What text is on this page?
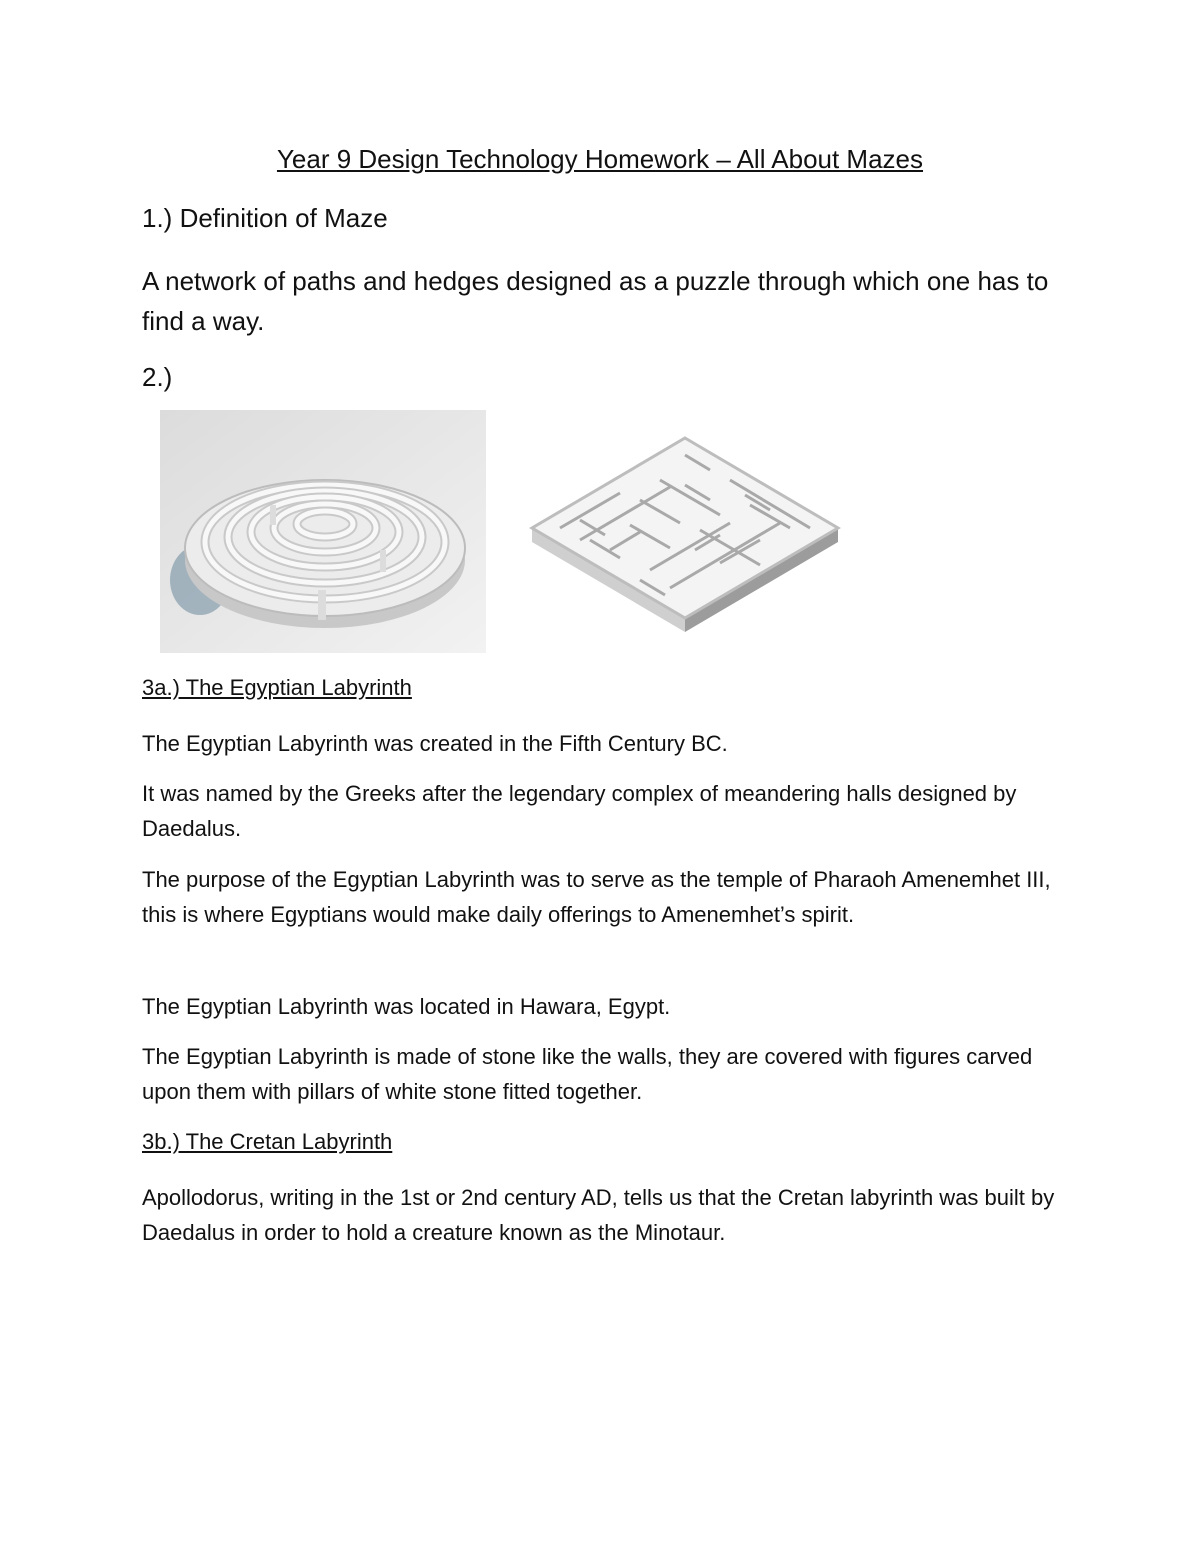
Year 9 Design Technology Homework – All About Mazes
1.) Definition of Maze

A network of paths and hedges designed as a puzzle through which one has to find a way.

2.)
3a.) The Egyptian Labyrinth

The Egyptian Labyrinth was created in the Fifth Century BC.

It was named by the Greeks after the legendary complex of meandering halls designed by Daedalus.

The purpose of the Egyptian Labyrinth was to serve as the temple of Pharaoh Amenemhet III, this is where Egyptians would make daily offerings to Amenemhet’s spirit.

The Egyptian Labyrinth was located in Hawara, Egypt.

The Egyptian Labyrinth is made of stone like the walls, they are covered with figures carved upon them with pillars of white stone fitted together.

3b.) The Cretan Labyrinth

Apollodorus, writing in the 1st or 2nd century AD, tells us that the Cretan labyrinth was built by Daedalus in order to hold a creature known as the Minotaur.
